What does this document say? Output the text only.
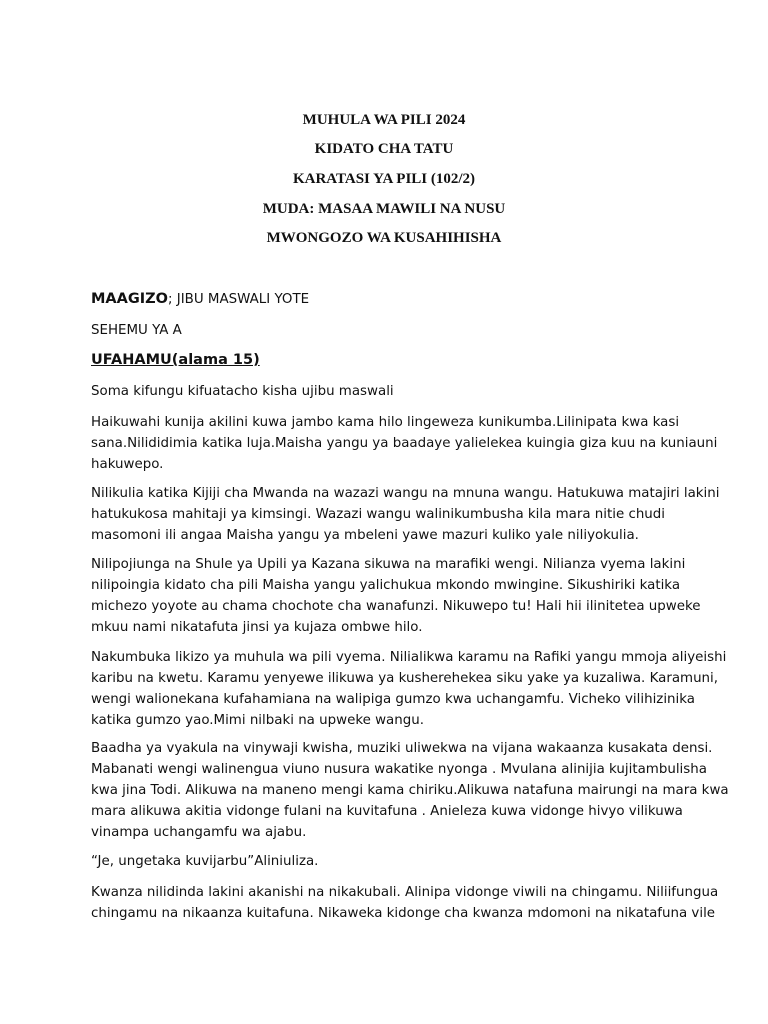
MUHULA WA PILI 2024
KIDATO CHA TATU
KARATASI YA PILI (102/2)
MUDA: MASAA MAWILI NA NUSU
MWONGOZO WA KUSAHIHISHA
MAAGIZO; JIBU MASWALI YOTE
SEHEMU YA A
UFAHAMU(alama 15)
Soma kifungu kifuatacho kisha ujibu maswali
Haikuwahi kunija akilini kuwa jambo kama hilo lingeweza kunikumba.Lilinipata kwa kasi
sana.Nilididimia katika luja.Maisha yangu ya baadaye yalielekea kuingia giza kuu na kuniauni
hakuwepo.
Nilikulia katika Kijiji cha Mwanda na wazazi wangu na mnuna wangu. Hatukuwa matajiri lakini
hatukukosa mahitaji ya kimsingi. Wazazi wangu walinikumbusha kila mara nitie chudi
masomoni ili angaa Maisha yangu ya mbeleni yawe mazuri kuliko yale niliyokulia.
Nilipojiunga na Shule ya Upili ya Kazana sikuwa na marafiki wengi. Nilianza vyema lakini
nilipoingia kidato cha pili Maisha yangu yalichukua mkondo mwingine. Sikushiriki katika
michezo yoyote au chama chochote cha wanafunzi. Nikuwepo tu! Hali hii ilinitetea upweke
mkuu nami nikatafuta jinsi ya kujaza ombwe hilo.
Nakumbuka likizo ya muhula wa pili vyema. Nilialikwa karamu na Rafiki yangu mmoja aliyeishi
karibu na kwetu. Karamu yenyewe ilikuwa ya kusherehekea siku yake ya kuzaliwa. Karamuni,
wengi walionekana kufahamiana na walipiga gumzo kwa uchangamfu. Vicheko vilihizinika
katika gumzo yao.Mimi nilbaki na upweke wangu.
Baadha ya vyakula na vinywaji kwisha, muziki uliwekwa na vijana wakaanza kusakata densi.
Mabanati wengi walinengua viuno nusura wakatike nyonga . Mvulana alinijia kujitambulisha
kwa jina Todi. Alikuwa na maneno mengi kama chiriku.Alikuwa natafuna mairungi na mara kwa
mara alikuwa akitia vidonge fulani na kuvitafuna . Anieleza kuwa vidonge hivyo vilikuwa
vinampa uchangamfu wa ajabu.
“Je, ungetaka kuvijarbu”Aliniuliza.
Kwanza nilidinda lakini akanishi na nikakubali. Alinipa vidonge viwili na chingamu. Niliifungua
chingamu na nikaanza kuitafuna. Nikaweka kidonge cha kwanza mdomoni na nikatafuna vile
